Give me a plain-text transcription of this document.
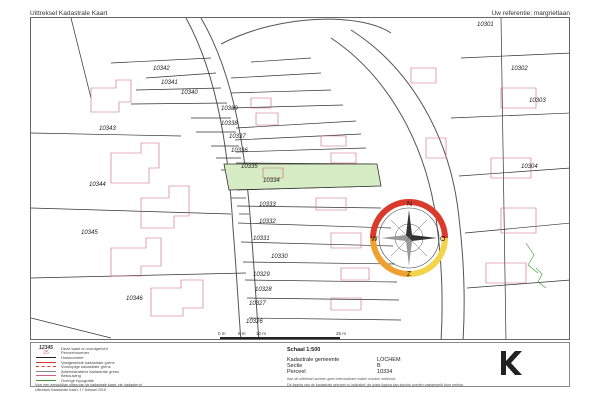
Uittreksel Kadastrale Kaart	Uw referentie: margrietlaan
10342
10341
10340
10339
10338
10337
10336
10335
10334
10333
10332
10331
10330
10329
10328
10327
10326
10343
10344
10345
10346
10301
10302
10303
10304
N
O
Z
W
0 m	5 m 10 m	25 m
12345	Deze kaart is noordgericht
25	Perceelnummer
Huisnummer
Vastgestelde kadastrale grens
Voorlopige kadastrale grens
Administratieve kadastrale grens
Bebouwing
Overige topografie
Voor een eenduidige uitleg van de kadastrale kaart, zie: kadaster.nl
Uittreksel Kadastrale Kaart, 17 februari 2015
Schaal 1:500
Kadastrale gemeente	LOCHEM
Sectie	B
Perceel	10334
Aan dit uittreksel kunnen geen betrouwbare maten worden ontleend.
De ligging van de kadastrale grenzen is indicatief; de juiste ligging kan slechts worden vastgesteld door meting.
